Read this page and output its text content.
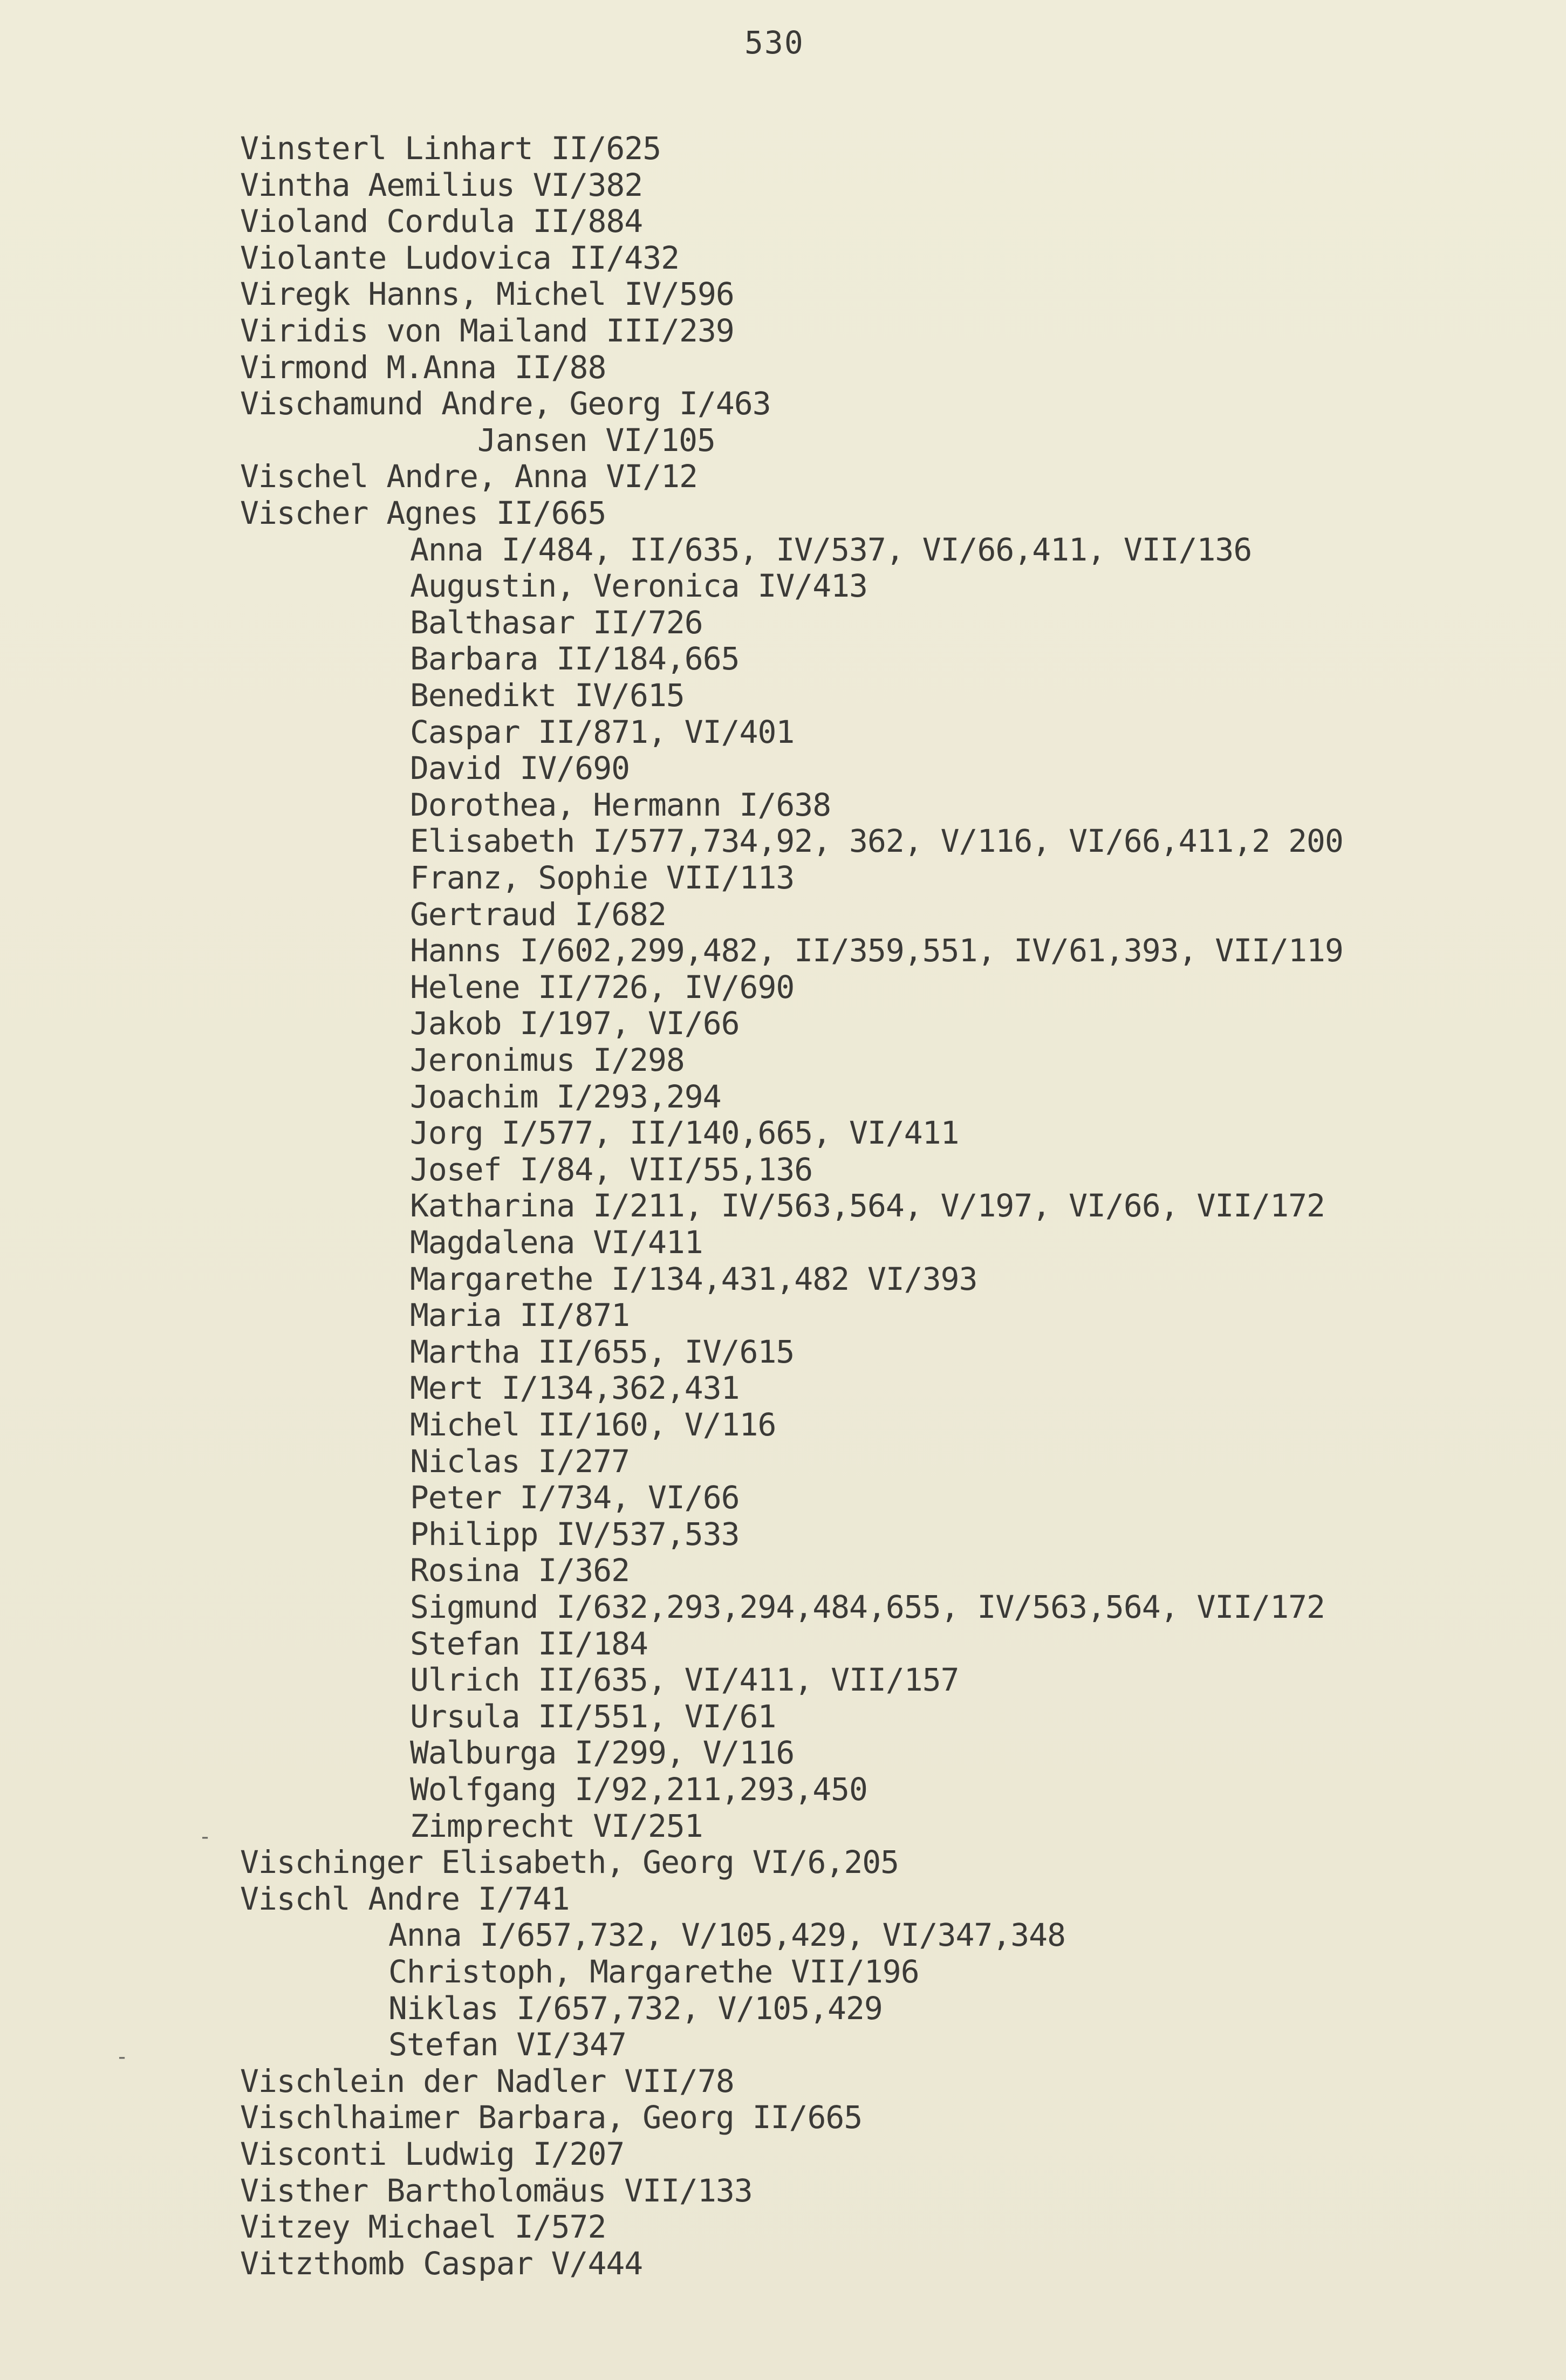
530
Vinsterl Linhart II/625
Vintha Aemilius VI/382
Violand Cordula II/884
Violante Ludovica II/432
Viregk Hanns, Michel IV/596
Viridis von Mailand III/239
Virmond M.Anna II/88
Vischamund Andre, Georg I/463
Jansen VI/105
Vischel Andre, Anna VI/12
Vischer Agnes II/665
Anna I/484, II/635, IV/537, VI/66,411, VII/136
Augustin, Veronica IV/413
Balthasar II/726
Barbara II/184,665
Benedikt IV/615
Caspar II/871, VI/401
David IV/690
Dorothea, Hermann I/638
Elisabeth I/577,734,92, 362, V/116, VI/66,411,2 200
Franz, Sophie VII/113
Gertraud I/682
Hanns I/602,299,482, II/359,551, IV/61,393, VII/119
Helene II/726, IV/690
Jakob I/197, VI/66
Jeronimus I/298
Joachim I/293,294
Jorg I/577, II/140,665, VI/411
Josef I/84, VII/55,136
Katharina I/211, IV/563,564, V/197, VI/66, VII/172
Magdalena VI/411
Margarethe I/134,431,482 VI/393
Maria II/871
Martha II/655, IV/615
Mert I/134,362,431
Michel II/160, V/116
Niclas I/277
Peter I/734, VI/66
Philipp IV/537,533
Rosina I/362
Sigmund I/632,293,294,484,655, IV/563,564, VII/172
Stefan II/184
Ulrich II/635, VI/411, VII/157
Ursula II/551, VI/61
Walburga I/299, V/116
Wolfgang I/92,211,293,450
Zimprecht VI/251
Vischinger Elisabeth, Georg VI/6,205
Vischl Andre I/741
Anna I/657,732, V/105,429, VI/347,348
Christoph, Margarethe VII/196
Niklas I/657,732, V/105,429
Stefan VI/347
Vischlein der Nadler VII/78
Vischlhaimer Barbara, Georg II/665
Visconti Ludwig I/207
Visther Bartholomäus VII/133
Vitzey Michael I/572
Vitzthomb Caspar V/444
-
-
